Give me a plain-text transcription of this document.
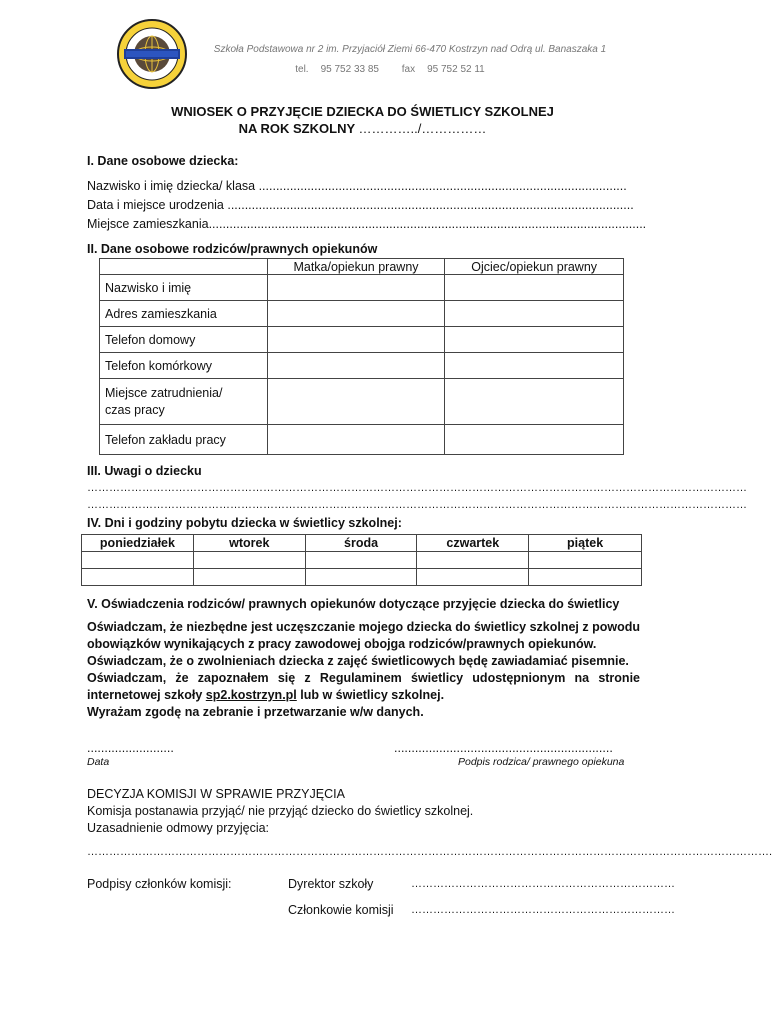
Szkoła Podstawowa nr 2 im. Przyjaciół Ziemi 66-470 Kostrzyn nad Odrą ul. Banaszaka 1
tel. 95 752 33 85 fax 95 752 52 11
WNIOSEK O PRZYJĘCIE DZIECKA DO ŚWIETLICY SZKOLNEJ
NA ROK SZKOLNY …………../……………
I. Dane osobowe dziecka:
Nazwisko i imię dziecka/ klasa ..........................................................................................................
Data i miejsce urodzenia .....................................................................................................................
Miejsce zamieszkania..............................................................................................................................
II. Dane osobowe rodziców/prawnych opiekunów
	Matka/opiekun prawny	Ojciec/opiekun prawny
Nazwisko i imię		
Adres zamieszkania		
Telefon domowy		
Telefon komórkowy		
Miejsce zatrudnienia/
czas pracy		
Telefon zakładu pracy		
III. Uwagi o dziecku
………………………………………………………………………………………………………………………………………………………………
………………………………………………………………………………………………………………………………………………………………
IV. Dni i godziny pobytu dziecka w świetlicy szkolnej:
poniedziałek	wtorek	środa	czwartek	piątek

V. Oświadczenia rodziców/ prawnych opiekunów dotyczące przyjęcie dziecka do świetlicy

Oświadczam, że niezbędne jest uczęszczanie mojego dziecka do świetlicy szkolnej z powodu obowiązków wynikających z pracy zawodowej obojga rodziców/prawnych opiekunów.

Oświadczam, że o zwolnieniach dziecka z zajęć świetlicowych będę zawiadamiać pisemnie.

Oświadczam, że zapoznałem się z Regulaminem świetlicy udostępnionym na stronie internetowej szkoły sp2.kostrzyn.pl lub w świetlicy szkolnej.

Wyrażam zgodę na zebranie i przetwarzanie w/w danych.

.........................	...............................................................
Data	Podpis rodzica/ prawnego opiekuna
DECYZJA KOMISJI W SPRAWIE PRZYJĘCIA
Komisja postanawia przyjąć/ nie przyjąć dziecko do świetlicy szkolnej.
Uzasadnienie odmowy przyjęcia:
…………………………………………………………………………………………………………………………………………………………………….
Podpisy członków komisji:	Dyrektor szkoły	………………………………………………………………
Członkowie komisji ………………………………………………………………
